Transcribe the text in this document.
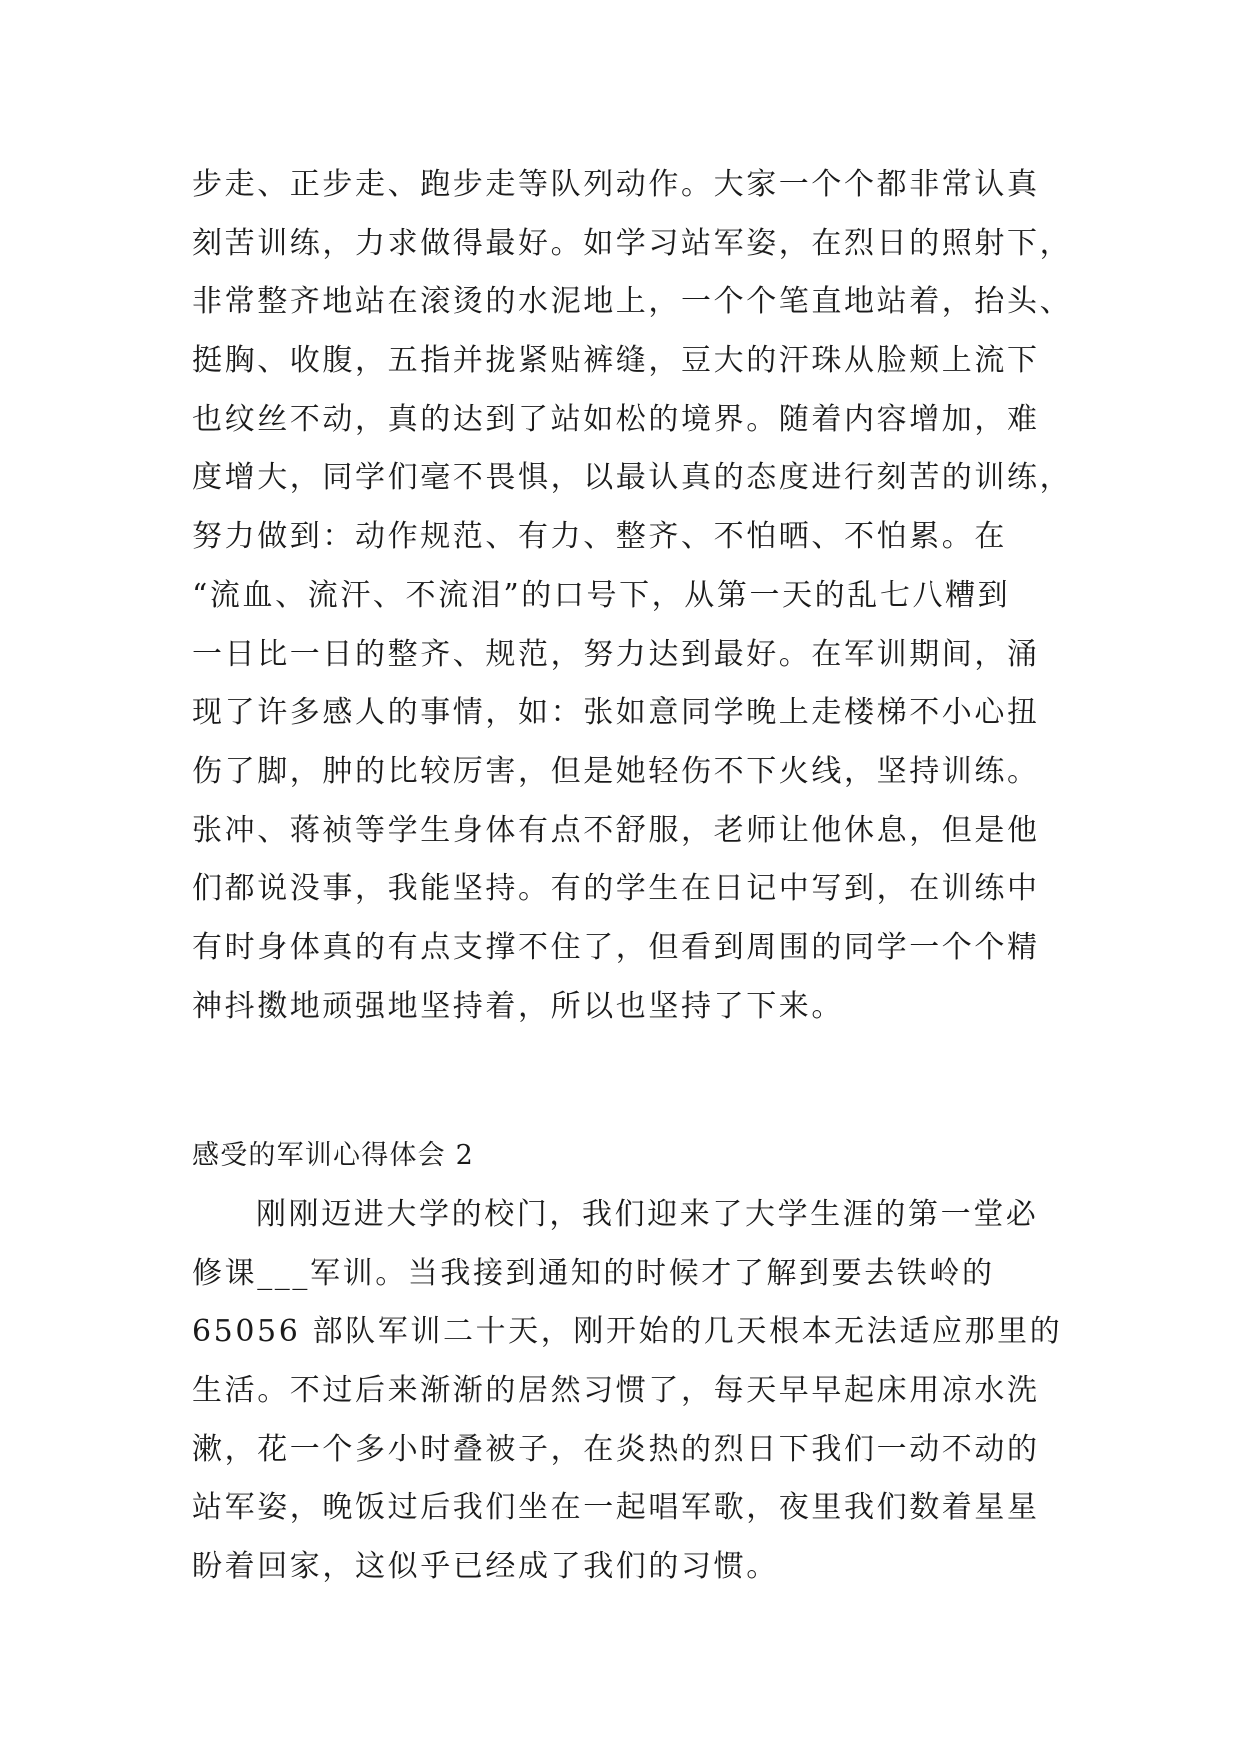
步走、正步走、跑步走等队列动作。大家一个个都非常认真
刻苦训练，力求做得最好。如学习站军姿，在烈日的照射下，
非常整齐地站在滚烫的水泥地上，一个个笔直地站着，抬头、
挺胸、收腹，五指并拢紧贴裤缝，豆大的汗珠从脸颊上流下
也纹丝不动，真的达到了站如松的境界。随着内容增加，难
度增大，同学们毫不畏惧，以最认真的态度进行刻苦的训练，
努力做到：动作规范、有力、整齐、不怕晒、不怕累。在
“流血、流汗、不流泪”的口号下，从第一天的乱七八糟到
一日比一日的整齐、规范，努力达到最好。在军训期间，涌
现了许多感人的事情，如：张如意同学晚上走楼梯不小心扭
伤了脚，肿的比较厉害，但是她轻伤不下火线，坚持训练。
张冲、蒋祯等学生身体有点不舒服，老师让他休息，但是他
们都说没事，我能坚持。有的学生在日记中写到，在训练中
有时身体真的有点支撑不住了，但看到周围的同学一个个精
神抖擞地顽强地坚持着，所以也坚持了下来。
感受的军训心得体会 2
刚刚迈进大学的校门，我们迎来了大学生涯的第一堂必
修课___军训。当我接到通知的时候才了解到要去铁岭的
65056 部队军训二十天，刚开始的几天根本无法适应那里的
生活。不过后来渐渐的居然习惯了，每天早早起床用凉水洗
漱，花一个多小时叠被子，在炎热的烈日下我们一动不动的
站军姿，晚饭过后我们坐在一起唱军歌，夜里我们数着星星
盼着回家，这似乎已经成了我们的习惯。
